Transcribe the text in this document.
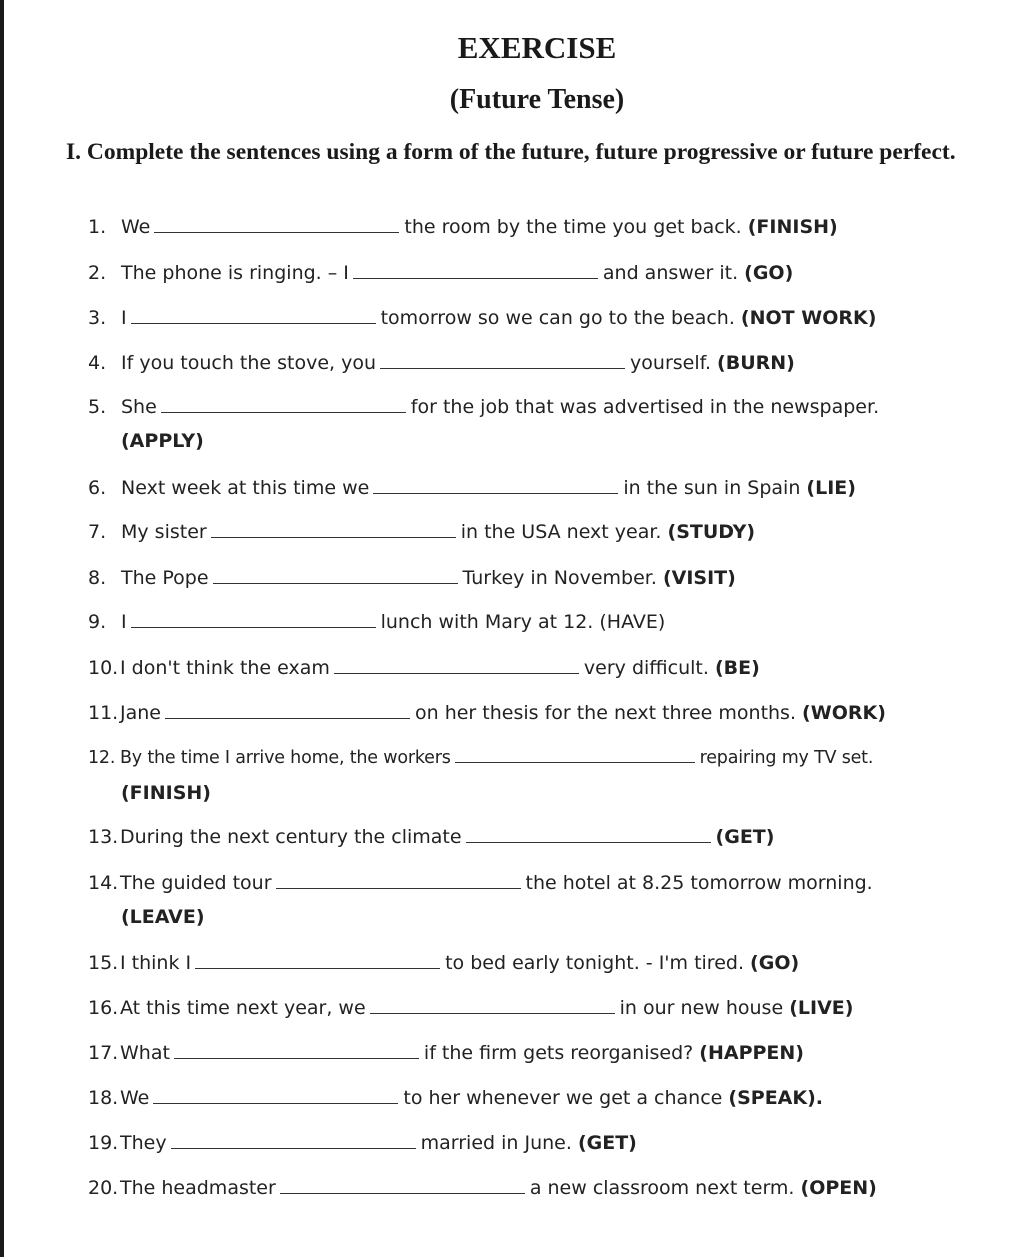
EXERCISE
(Future Tense)
I. Complete the sentences using a form of the future, future progressive or future perfect.
1. We	the room by the time you get back. (FINISH)
2. The phone is ringing. – I	and answer it. (GO)
3. I	tomorrow so we can go to the beach. (NOT WORK)
4. If you touch the stove, you	yourself. (BURN)
5. She	for the job that was advertised in the newspaper.
(APPLY)
6. Next week at this time we	in the sun in Spain (LIE)
7. My sister	in the USA next year. (STUDY)
8. The Pope	Turkey in November. (VISIT)
9. I	lunch with Mary at 12. (HAVE)
10.I don't think the exam	very difficult. (BE)
11.Jane	on her thesis for the next three months. (WORK)
12. By the time I arrive home, the workers	repairing my TV set.
(FINISH)
13.During the next century the climate	(GET)
14.The guided tour	the hotel at 8.25 tomorrow morning.
(LEAVE)
15.I think I	to bed early tonight. - I'm tired. (GO)
16.At this time next year, we	in our new house (LIVE)
17.What	if the firm gets reorganised? (HAPPEN)
18.We	to her whenever we get a chance (SPEAK).
19.They	married in June. (GET)
20.The headmaster	a new classroom next term. (OPEN)
